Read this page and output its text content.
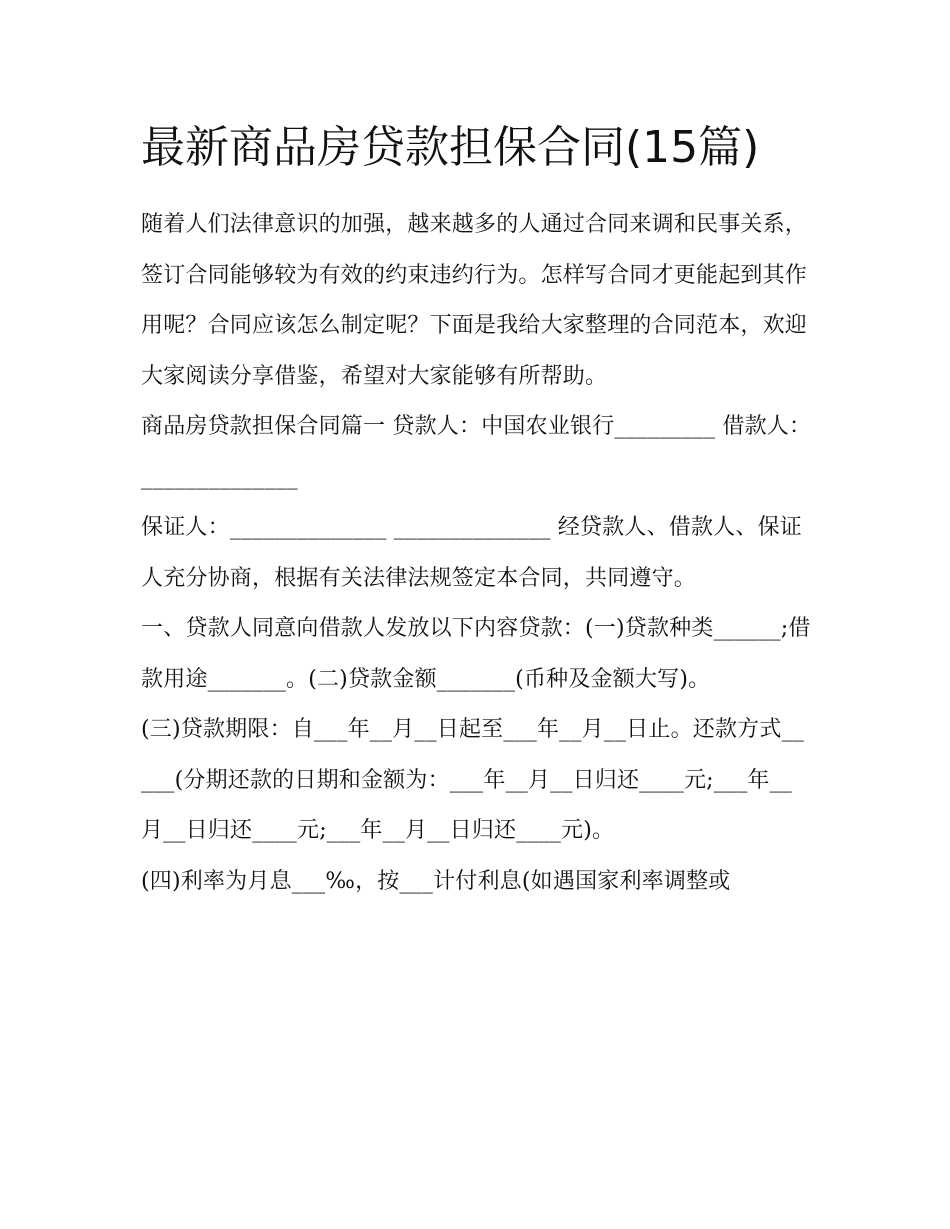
最新商品房贷款担保合同(15篇)

随着人们法律意识的加强，越来越多的人通过合同来调和民事关系，签订合同能够较为有效的约束违约行为。怎样写合同才更能起到其作用呢？合同应该怎么制定呢？下面是我给大家整理的合同范本，欢迎大家阅读分享借鉴，希望对大家能够有所帮助。

商品房贷款担保合同篇一 贷款人：中国农业银行_________ 借款人：______________

保证人：______________ ______________ 经贷款人、借款人、保证人充分协商，根据有关法律法规签定本合同，共同遵守。

一、贷款人同意向借款人发放以下内容贷款：(一)贷款种类______;借款用途_______。(二)贷款金额_______(币种及金额大写)。

(三)贷款期限：自___年__月__日起至___年__月__日止。还款方式_____(分期还款的日期和金额为：___年__月__日归还____元;___年__月__日归还____元;___年__月__日归还____元)。

(四)利率为月息___‰，按___计付利息(如遇国家利率调整或
